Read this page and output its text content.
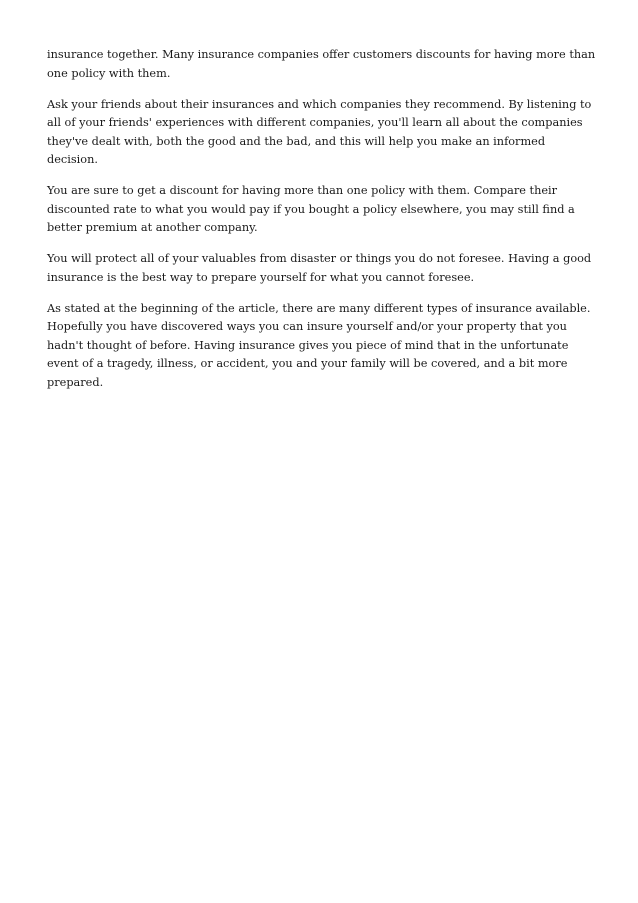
insurance together. Many insurance companies offer customers discounts for having more than one policy with them.

Ask your friends about their insurances and which companies they recommend. By listening to all of your friends' experiences with different companies, you'll learn all about the companies they've dealt with, both the good and the bad, and this will help you make an informed decision.

You are sure to get a discount for having more than one policy with them. Compare their discounted rate to what you would pay if you bought a policy elsewhere, you may still find a better premium at another company.

You will protect all of your valuables from disaster or things you do not foresee. Having a good insurance is the best way to prepare yourself for what you cannot foresee.

As stated at the beginning of the article, there are many different types of insurance available. Hopefully you have discovered ways you can insure yourself and/or your property that you hadn't thought of before. Having insurance gives you piece of mind that in the unfortunate event of a tragedy, illness, or accident, you and your family will be covered, and a bit more prepared.
